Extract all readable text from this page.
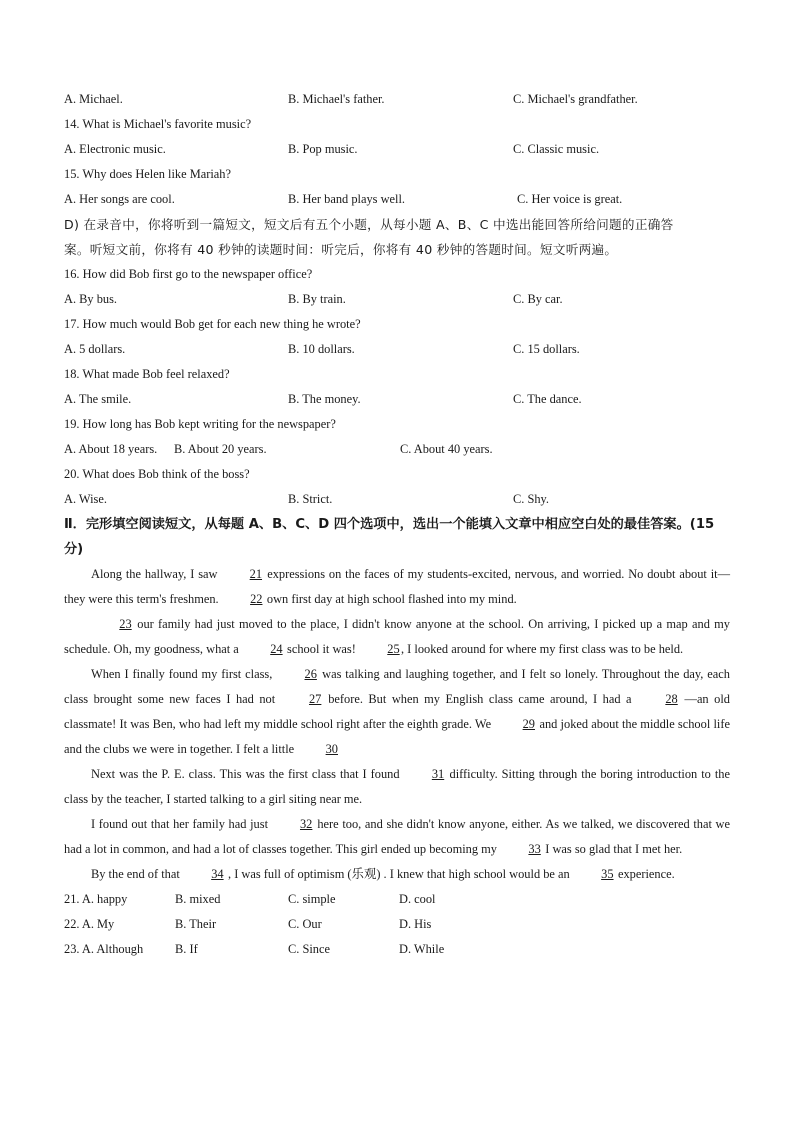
A. Michael.	B. Michael's father.	C. Michael's grandfather.
14. What is Michael's favorite music?
A. Electronic music.	B. Pop music.	C. Classic music.
15. Why does Helen like Mariah?
A. Her songs are cool.	B. Her band plays well.	C. Her voice is great.
D) 在录音中，你将听到一篇短文，短文后有五个小题，从每小题 A、B、C 中选出能回答所给问题的正确答
案。听短文前，你将有 40 秒钟的读题时间：听完后，你将有 40 秒钟的答题时间。短文听两遍。
16. How did Bob first go to the newspaper office?
A. By bus.	B. By train.	C. By car.
17. How much would Bob get for each new thing he wrote?
A. 5 dollars.	B. 10 dollars.	C. 15 dollars.
18. What made Bob feel relaxed?
A. The smile.	B. The money.	C. The dance.
19. How long has Bob kept writing for the newspaper?
A. About 18 years.	B. About 20 years.	C. About 40 years.
20. What does Bob think of the boss?
A. Wise.	B. Strict.	C. Shy.
Ⅱ．完形填空阅读短文，从每题 A、B、C、D 四个选项中，选出一个能填入文章中相应空白处的最佳答案。(15 分)
Along the hallway, I saw	21 expressions on the faces of my students-excited, nervous, and worried. No doubt about it—they were this term's freshmen.	22 own first day at high school flashed into my mind.
23 our family had just moved to the place, I didn't know anyone at the school. On arriving, I picked up a map and my schedule. Oh, my goodness, what a	24 school it was!	25, I looked around for where my first class was to be held.
When I finally found my first class,	26 was talking and laughing together, and I felt so lonely. Throughout the day, each class brought some new faces I had not	27 before. But when my English class came around, I had a	28 —an old classmate! It was Ben, who had left my middle school right after the eighth grade. We	29 and joked about the middle school life and the clubs we were in together. I felt a little	30
Next was the P. E. class. This was the first class that I found	31 difficulty. Sitting through the boring introduction to the class by the teacher, I started talking to a girl siting near me.
I found out that her family had just	32 here too, and she didn't know anyone, either. As we talked, we discovered that we had a lot in common, and had a lot of classes together. This girl ended up becoming my	33 I was so glad that I met her.
By the end of that	34 , I was full of optimism (乐观) . I knew that high school would be an	35 experience.
21. A. happy	B. mixed	C. simple	D. cool
22. A. My	B. Their	C. Our	D. His
23. A. Although	B. If	C. Since	D. While
